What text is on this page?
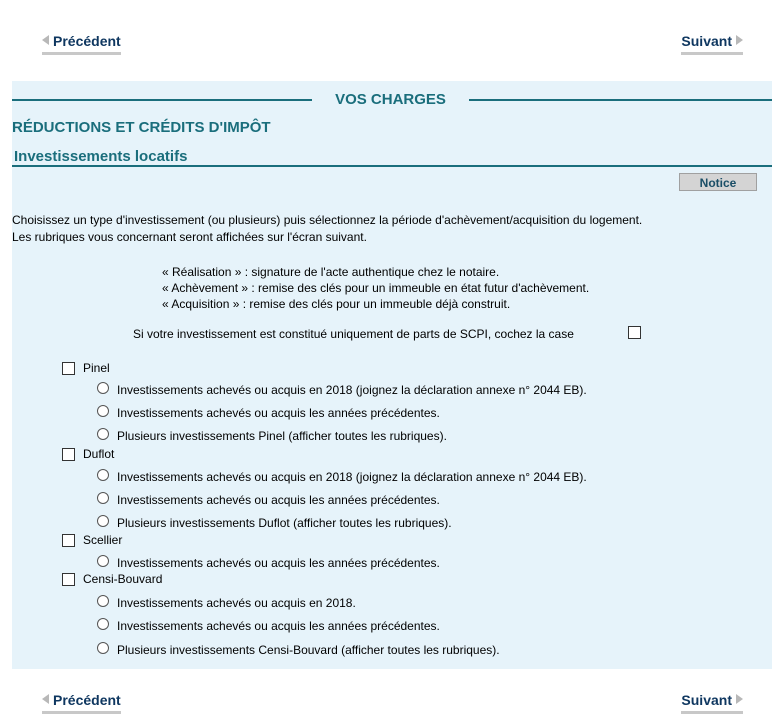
Précédent	Suivant
VOS CHARGES
RÉDUCTIONS ET CRÉDITS D'IMPÔT
Investissements locatifs
Notice
Choisissez un type d'investissement (ou plusieurs) puis sélectionnez la période d'achèvement/acquisition du logement.
Les rubriques vous concernant seront affichées sur l'écran suivant.
« Réalisation » : signature de l'acte authentique chez le notaire.
« Achèvement » : remise des clés pour un immeuble en état futur d'achèvement.
« Acquisition » : remise des clés pour un immeuble déjà construit.
Si votre investissement est constitué uniquement de parts de SCPI, cochez la case
Pinel
Investissements achevés ou acquis en 2018 (joignez la déclaration annexe n° 2044 EB).
Investissements achevés ou acquis les années précédentes.
Plusieurs investissements Pinel (afficher toutes les rubriques).
Duflot
Investissements achevés ou acquis en 2018 (joignez la déclaration annexe n° 2044 EB).
Investissements achevés ou acquis les années précédentes.
Plusieurs investissements Duflot (afficher toutes les rubriques).
Scellier
Investissements achevés ou acquis les années précédentes.
Censi-Bouvard
Investissements achevés ou acquis en 2018.
Investissements achevés ou acquis les années précédentes.
Plusieurs investissements Censi-Bouvard (afficher toutes les rubriques).
Précédent	Suivant
